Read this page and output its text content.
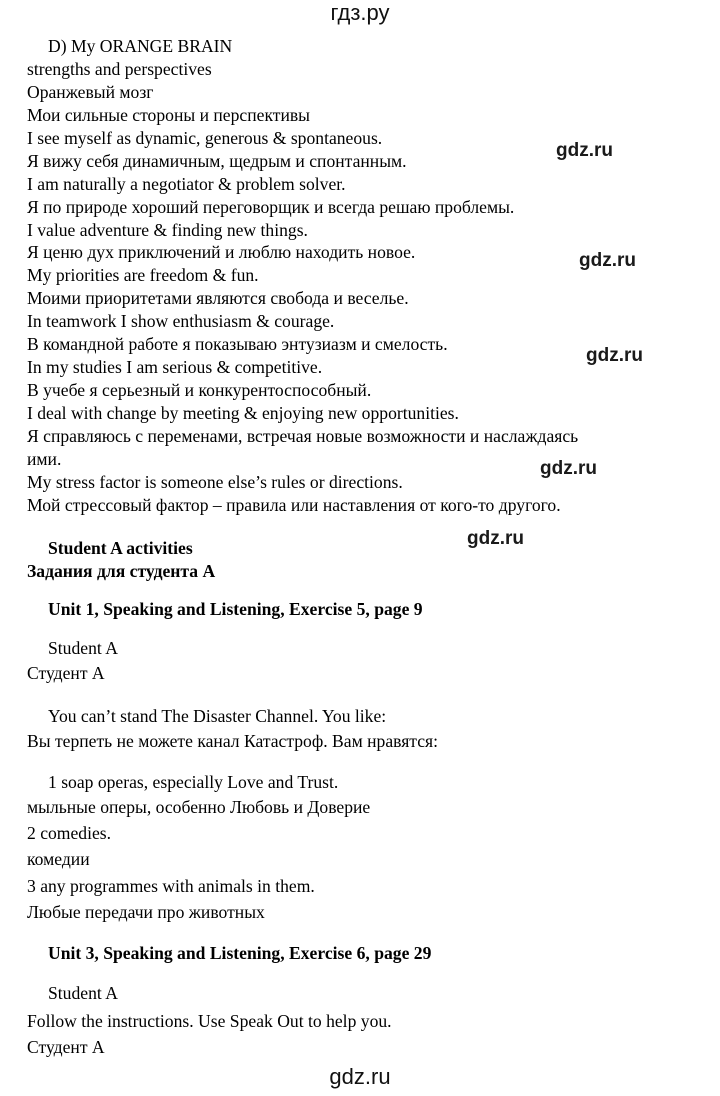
гдз.ру
gdz.ru
gdz.ru
gdz.ru
gdz.ru
gdz.ru
D) My ORANGE BRAIN
strengths and perspectives
Оранжевый мозг
Мои сильные стороны и перспективы
I see myself as dynamic, generous & spontaneous.
Я вижу себя динамичным, щедрым и спонтанным.
I am naturally a negotiator & problem solver.
Я по природе хороший переговорщик и всегда решаю проблемы.
I value adventure & finding new things.
Я ценю дух приключений и люблю находить новое.
My priorities are freedom & fun.
Моими приоритетами являются свобода и веселье.
In teamwork I show enthusiasm & courage.
В командной работе я показываю энтузиазм и смелость.
In my studies I am serious & competitive.
В учебе я серьезный и конкурентоспособный.
I deal with change by meeting & enjoying new opportunities.
Я справляюсь с переменами, встречая новые возможности и наслаждаясь
ими.
My stress factor is someone else’s rules or directions.
Мой стрессовый фактор – правила или наставления от кого-то другого.
Student A activities
Задания для студента А
Unit 1, Speaking and Listening, Exercise 5, page 9
Student A
Студент А
You can’t stand The Disaster Channel. You like:
Вы терпеть не можете канал Катастроф. Вам нравятся:
1 soap operas, especially Love and Trust.
мыльные оперы, особенно Любовь и Доверие
2 comedies.
комедии
3 any programmes with animals in them.
Любые передачи про животных
Unit 3, Speaking and Listening, Exercise 6, page 29
Student A
Follow the instructions. Use Speak Out to help you.
Студент А
gdz.ru
